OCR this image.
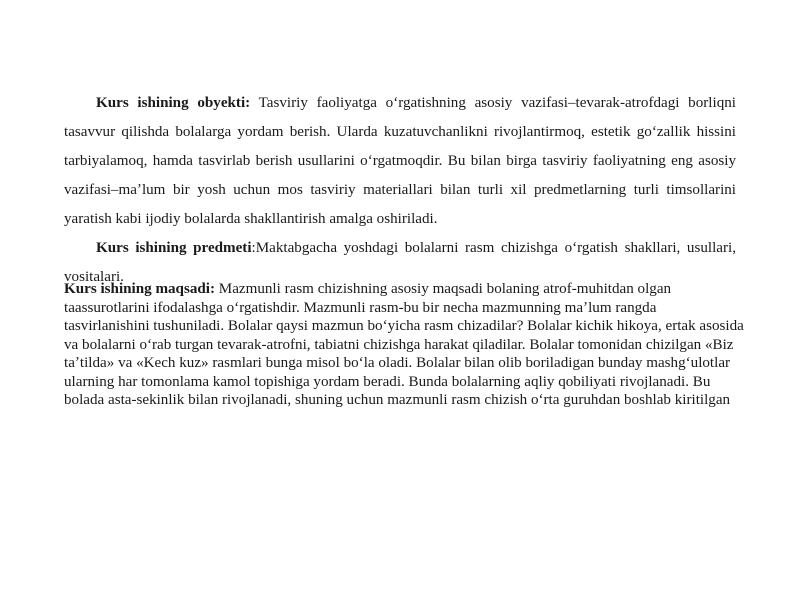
Kurs ishining obyekti: Tasviriy faoliyatga oʻrgatishning asosiy vazifasi–tevarak-atrofdagi borliqni tasavvur qilishda bolalarga yordam berish. Ularda kuzatuvchanlikni rivojlantirmoq, estetik goʻzallik hissini tarbiyalamoq, hamda tasvirlab berish usullarini oʻrgatmoqdir. Bu bilan birga tasviriy faoliyatning eng asosiy vazifasi–maʼlum bir yosh uchun mos tasviriy materiallari bilan turli xil predmetlarning turli timsollarini yaratish kabi ijodiy bolalarda shakllantirish amalga oshiriladi.

Kurs ishining predmeti:Maktabgacha yoshdagi bolalarni rasm chizishga oʻrgatish shakllari, usullari, vositalari.

Kurs ishining maqsadi: Mazmunli rasm chizishning asosiy maqsadi bolaning atrof-muhitdan olgan taassurotlarini ifodalashga oʻrgatishdir. Mazmunli rasm-bu bir necha mazmunning maʼlum rangda tasvirlanishini tushuniladi. Bolalar qaysi mazmun boʻyicha rasm chizadilar? Bolalar kichik hikoya, ertak asosida va bolalarni oʻrab turgan tevarak-atrofni, tabiatni chizishga harakat qiladilar. Bolalar tomonidan chizilgan «Biz taʼtilda» va «Kech kuz» rasmlari bunga misol boʻla oladi. Bolalar bilan olib boriladigan bunday mashgʻulotlar ularning har tomonlama kamol topishiga yordam beradi. Bunda bolalarning aqliy qobiliyati rivojlanadi. Bu bolada asta-sekinlik bilan rivojlanadi, shuning uchun mazmunli rasm chizish oʻrta guruhdan boshlab kiritilgan
